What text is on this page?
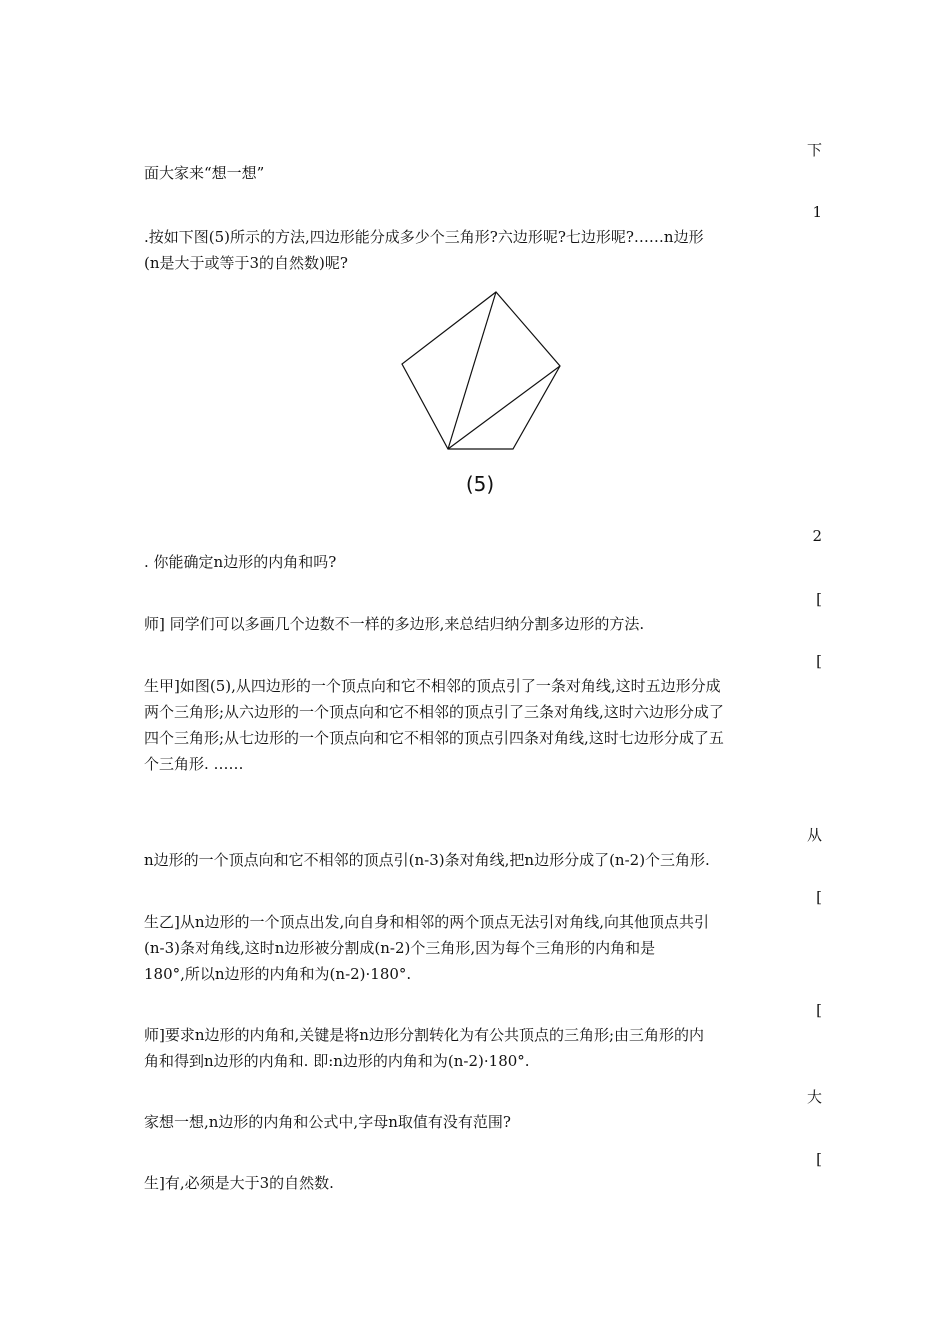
下
面大家来“想一想”
1
.按如下图(5)所示的方法,四边形能分成多少个三角形?六边形呢?七边形呢?……n边形
(n是大于或等于3的自然数)呢?
(5)
2
. 你能确定n边形的内角和吗?
[
师] 同学们可以多画几个边数不一样的多边形,来总结归纳分割多边形的方法.
[
生甲]如图(5),从四边形的一个顶点向和它不相邻的顶点引了一条对角线,这时五边形分成
两个三角形;从六边形的一个顶点向和它不相邻的顶点引了三条对角线,这时六边形分成了
四个三角形;从七边形的一个顶点向和它不相邻的顶点引四条对角线,这时七边形分成了五
个三角形. ……
从
n边形的一个顶点向和它不相邻的顶点引(n-3)条对角线,把n边形分成了(n-2)个三角形.
[
生乙]从n边形的一个顶点出发,向自身和相邻的两个顶点无法引对角线,向其他顶点共引
(n-3)条对角线,这时n边形被分割成(n-2)个三角形,因为每个三角形的内角和是
180°,所以n边形的内角和为(n-2)·180°.
[
师]要求n边形的内角和,关键是将n边形分割转化为有公共顶点的三角形;由三角形的内
角和得到n边形的内角和. 即:n边形的内角和为(n-2)·180°.
大
家想一想,n边形的内角和公式中,字母n取值有没有范围?
[
生]有,必须是大于3的自然数.
